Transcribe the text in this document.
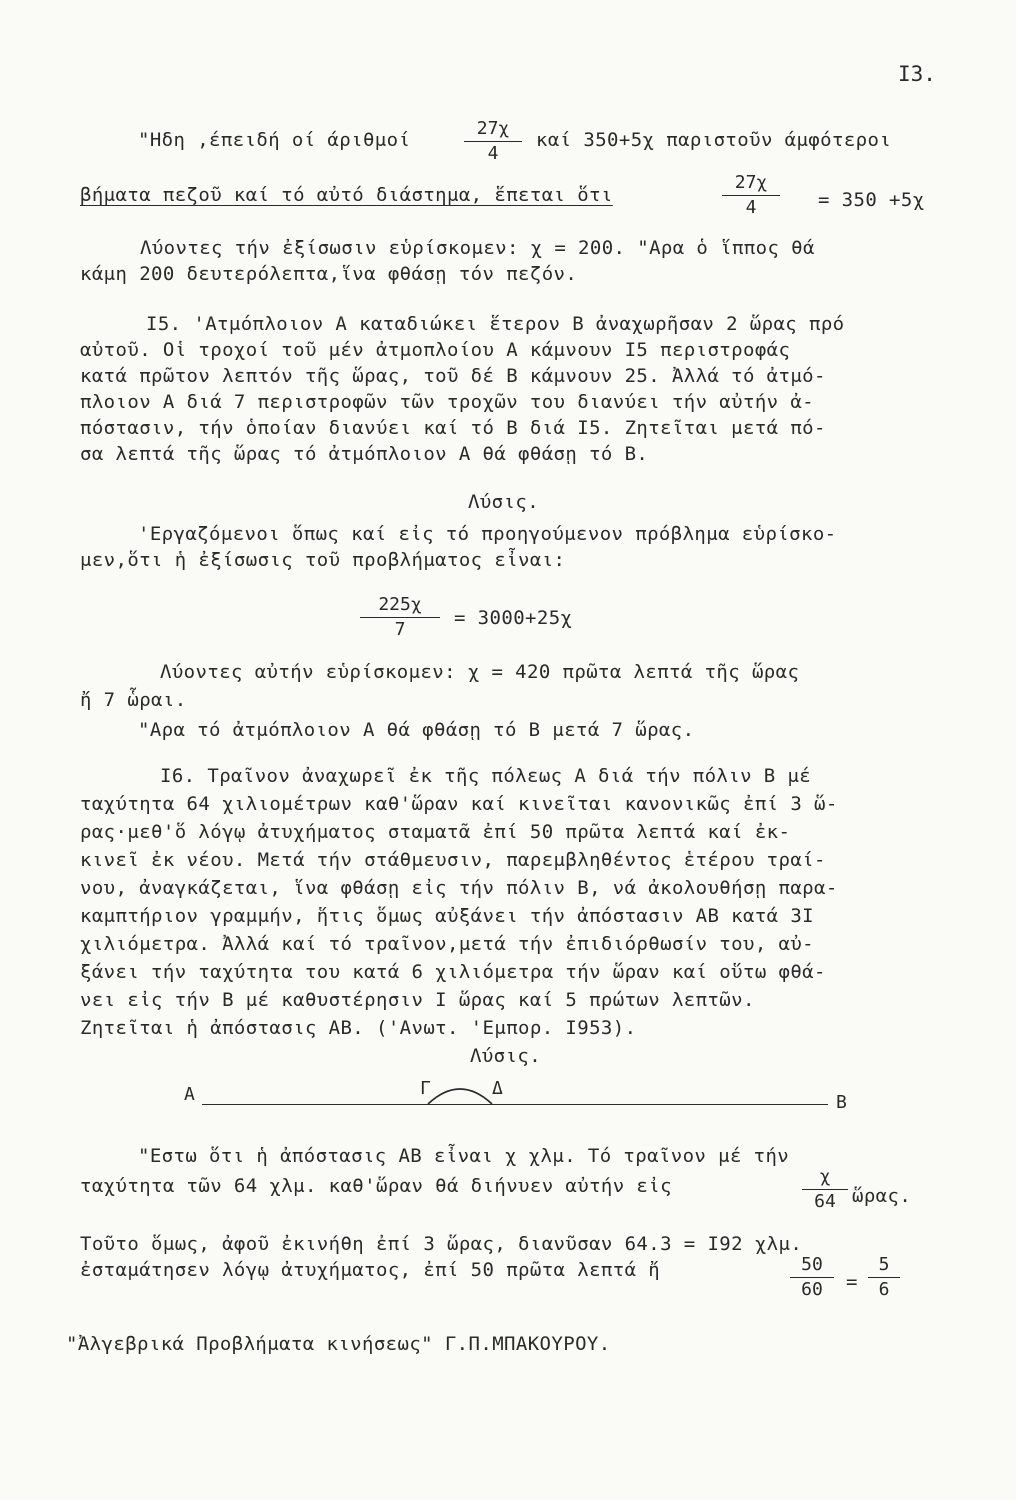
I3.
"Ηδη ,έπειδή οί άριθμοί
27χ
4
καί 350+5χ παριστοῦν άμφότεροι
βήματα πεζοῦ καί τό αὐτό διάστημα, ἕπεται ὅτι
27χ
4	= 350 +5χ
Λύοντες τήν ἐξίσωσιν εὑρίσκομεν: χ = 200. "Αρα ὁ ἵππος θά
κάμη 200 δευτερόλεπτα,ἵνα φθάσῃ τόν πεζόν.
I5. 'Ατμόπλοιον Α καταδιώκει ἕτερον Β ἀναχωρῆσαν 2 ὥρας πρό
αὐτοῦ. Οἱ τροχοί τοῦ μέν ἀτμοπλοίου Α κάμνουν I5 περιστροφάς
κατά πρῶτον λεπτόν τῆς ὥρας, τοῦ δέ Β κάμνουν 25. Ἀλλά τό ἀτμό-
πλοιον Α διά 7 περιστροφῶν τῶν τροχῶν του διανύει τήν αὐτήν ἀ-
πόστασιν, τήν ὁποίαν διανύει καί τό Β διά I5. Ζητεῖται μετά πό-
σα λεπτά τῆς ὥρας τό ἀτμόπλοιον Α θά φθάσῃ τό Β.
Λύσις.
'Εργαζόμενοι ὅπως καί εἰς τό προηγούμενον πρόβλημα εὑρίσκο-
μεν,ὅτι ἡ ἐξίσωσις τοῦ προβλήματος εἶναι:
225χ
7
= 3000+25χ
Λύοντες αὐτήν εὑρίσκομεν: χ = 420 πρῶτα λεπτά τῆς ὥρας
ἤ 7 ὧραι.
"Αρα τό ἀτμόπλοιον Α θά φθάσῃ τό Β μετά 7 ὥρας.
I6. Τραῖνον ἀναχωρεῖ ἐκ τῆς πόλεως Α διά τήν πόλιν Β μέ
ταχύτητα 64 χιλιομέτρων καθ'ὥραν καί κινεῖται κανονικῶς ἐπί 3 ὥ-
ρας·μεθ'ὅ λόγῳ ἀτυχήματος σταματᾶ ἐπί 50 πρῶτα λεπτά καί ἐκ-
κινεῖ ἐκ νέου. Μετά τήν στάθμευσιν, παρεμβληθέντος ἑτέρου τραί-
νου, ἀναγκάζεται, ἵνα φθάσῃ εἰς τήν πόλιν Β, νά ἀκολουθήσῃ παρα-
καμπτήριον γραμμήν, ἥτις ὅμως αὐξάνει τήν ἀπόστασιν ΑΒ κατά 3I
χιλιόμετρα. Ἀλλά καί τό τραῖνον,μετά τήν ἐπιδιόρθωσίν του, αὐ-
ξάνει τήν ταχύτητα του κατά 6 χιλιόμετρα τήν ὥραν καί οὕτω φθά-
νει εἰς τήν Β μέ καθυστέρησιν Ι ὥρας καί 5 πρώτων λεπτῶν.
Ζητεῖται ἡ ἀπόστασις ΑΒ. ('Ανωτ. 'Εμπορ. I953).
Λύσις.
Α	Γ	Δ
Β
"Εστω ὅτι ἡ ἀπόστασις ΑΒ εἶναι χ χλμ. Τό τραῖνον μέ τήν
ταχύτητα τῶν 64 χλμ. καθ'ὥραν θά διήνυεν αὐτήν εἰς	χ
64 ὥρας.
Τοῦτο ὅμως, ἀφοῦ ἐκινήθη ἐπί 3 ὥρας, διανῦσαν 64.3 = I92 χλμ.
ἐσταμάτησεν λόγῳ ἀτυχήματος, ἐπί 50 πρῶτα λεπτά ἤ	50
60	=
5
6
"Ἀλγεβρικά Προβλήματα κινήσεως" Γ.Π.ΜΠΑΚΟΥΡΟΥ.
